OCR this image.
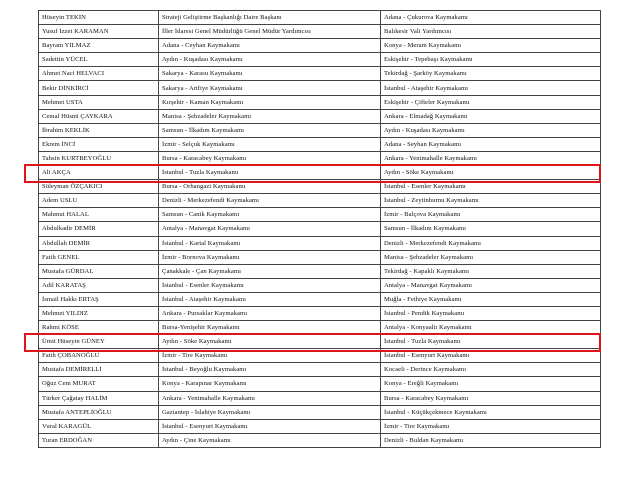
Hüseyin TEKİN	Strateji Geliştirme Başkanlığı Daire Başkanı	Adana - Çukurova Kaymakamı
Yusuf İzzet KARAMAN	İller İdaresi Genel Müdürlüğü Genel Müdür Yardımcısı	Balıkesir Vali Yardımcısı
Bayram YILMAZ	Adana - Ceyhan Kaymakamı	Konya - Meram Kaymakamı
Sadettin YÜCEL	Aydın - Kuşadası Kaymakamı	Eskişehir - Tepebaşı Kaymakamı
Ahmet Naci HELVACI	Sakarya - Karasu Kaymakamı	Tekirdağ - Şarköy Kaymakamı
Bekir DİNKİRCİ	Sakarya - Arifiye Kaymakamı	İstanbul - Ataşehir Kaymakamı
Mehmet USTA	Kırşehir - Kaman Kaymakamı	Eskişehir - Çifteler Kaymakamı
Cemal Hüsnü ÇAYKARA	Manisa - Şehzadeler Kaymakamı	Ankara - Elmadağ Kaymakamı
İbrahim KEKLİK	Samsun - İlkadım Kaymakamı	Aydın - Kuşadası Kaymakamı
Ekrem İNCİ	İzmir - Selçuk Kaymakamı	Adana - Seyhan Kaymakamı
Tahsin KURTBEYOĞLU	Bursa - Karacabey Kaymakamı	Ankara - Yenimahalle Kaymakamı
Ali AKÇA	İstanbul - Tuzla Kaymakamı	Aydın - Söke Kaymakamı
Süleyman ÖZÇAKICI	Bursa - Orhangazi Kaymakamı	İstanbul - Esenler Kaymakamı
Adem USLU	Denizli - Merkezefendi Kaymakamı	İstanbul - Zeytinburnu Kaymakamı
Mahmut HALAL	Samsun - Canik Kaymakamı	İzmir - Balçova Kaymakamı
Abdulkadir DEMİR	Antalya - Manavgat Kaymakamı	Samsun - İlkadım Kaymakamı
Abdullah DEMİR	İstanbul - Kartal Kaymakamı	Denizli - Merkezefendi Kaymakamı
Fatih GENEL	İzmir - Bornova Kaymakamı	Manisa - Şehzadeler Kaymakamı
Mustafa GÜRDAL	Çanakkale - Çan Kaymakamı	Tekirdağ - Kapaklı Kaymakamı
Adil KARATAŞ	İstanbul - Esenler Kaymakamı	Antalya - Manavgat Kaymakamı
İsmail Hakkı ERTAŞ	İstanbul - Ataşehir Kaymakamı	Muğla - Fethiye Kaymakamı
Mehmet YILDIZ	Ankara - Pursaklar Kaymakamı	İstanbul - Pendik Kaymakamı
Rahmi KÖSE	Bursa-Yenişehir Kaymakamı	Antalya - Konyaaltı Kaymakamı
Ümit Hüseyin GÜNEY	Aydın - Söke Kaymakamı	İstanbul - Tuzla Kaymakamı
Fatih ÇOBANOĞLU	İzmir - Tire Kaymakamı	İstanbul - Esenyurt Kaymakamı
Mustafa DEMİRELLİ	İstanbul - Beyoğlu Kaymakamı	Kocaeli - Derince Kaymakamı
Oğuz Cem MURAT	Konya - Karapınar Kaymakamı	Konya - Ereğli Kaymakamı
Türker Çağatay HALİM	Ankara - Yenimahalle Kaymakamı	Bursa - Karacabey Kaymakamı
Mustafa ANTEPLİOĞLU	Gaziantep - İslahiye Kaymakamı	İstanbul - Küçükçekmece Kaymakamı
Vural KARAGÜL	İstanbul - Esenyurt Kaymakamı	İzmir - Tire Kaymakamı
Turan ERDOĞAN	Aydın - Çine Kaymakamı	Denizli - Buldan Kaymakamı
